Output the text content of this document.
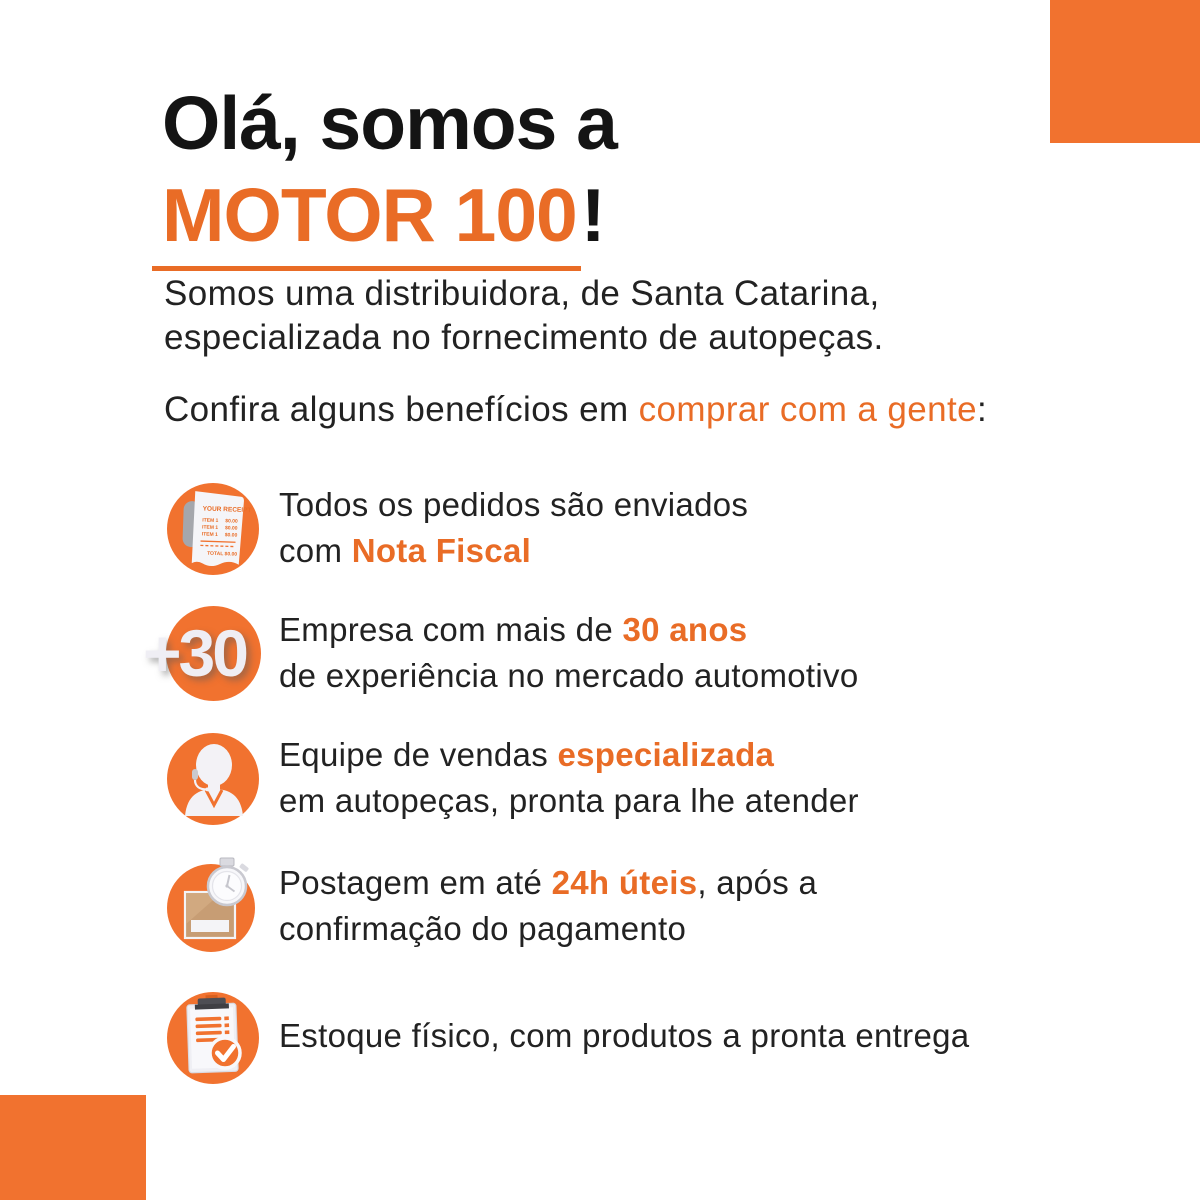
Olá, somos a
MOTOR 100!
Somos uma distribuidora, de Santa Catarina,
especializada no fornecimento de autopeças.
Confira alguns benefícios em comprar com a gente:
YOUR RECEIPT
ITEM 1 $0.00
ITEM 1 $0.00
ITEM 1 $0.00
TOTAL $0.00
Todos os pedidos são enviados
com Nota Fiscal
+30	Empresa com mais de 30 anos
de experiência no mercado automotivo
Equipe de vendas especializada
em autopeças, pronta para lhe atender
Postagem em até 24h úteis, após a
confirmação do pagamento
Estoque físico, com produtos a pronta entrega
